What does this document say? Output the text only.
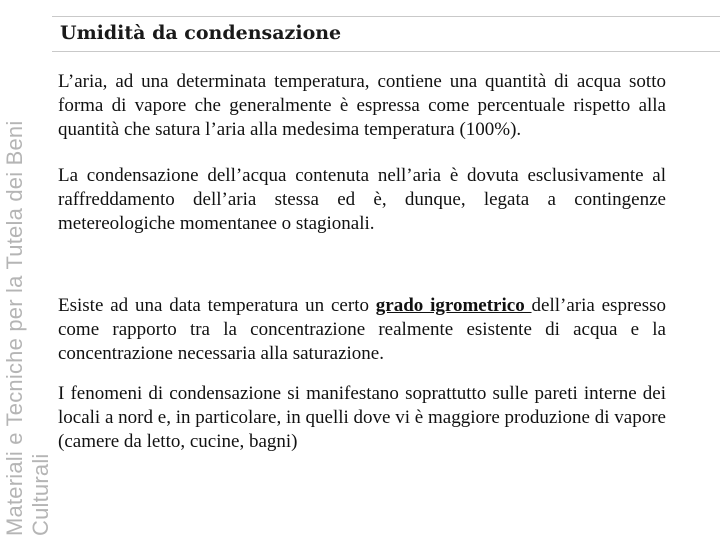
Materiali e Tecniche per la Tutela dei Beni Culturali
Umidità da condensazione

L’aria, ad una determinata temperatura, contiene una quantità di acqua sotto forma di vapore che generalmente è espressa come percentuale rispetto alla quantità che satura l’aria alla medesima temperatura (100%).

La condensazione dell’acqua contenuta nell’aria è dovuta esclusivamente al raffreddamento dell’aria stessa ed è, dunque, legata a contingenze metereologiche momentanee o stagionali.

Esiste ad una data temperatura un certo grado igrometrico dell’aria espresso come rapporto tra la concentrazione realmente esistente di acqua e la concentrazione necessaria alla saturazione.

I fenomeni di condensazione si manifestano soprattutto sulle pareti interne dei locali a nord e, in particolare, in quelli dove vi è maggiore produzione di vapore (camere da letto, cucine, bagni)
